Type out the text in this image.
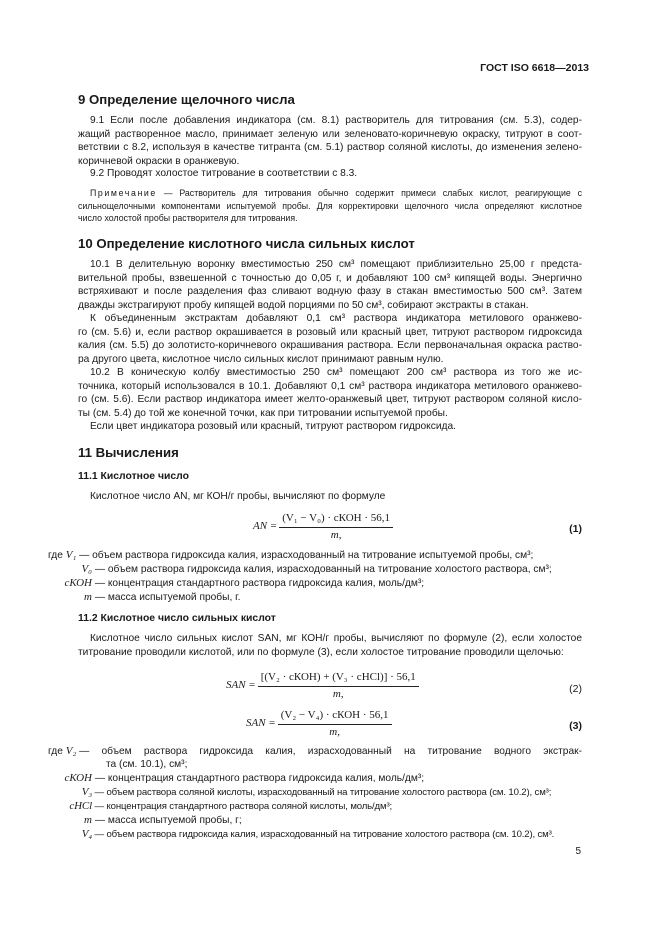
ГОСТ ISO 6618—2013
9 Определение щелочного числа
9.1 Если после добавления индикатора (см. 8.1) растворитель для титрования (см. 5.3), содер-
жащий растворенное масло, принимает зеленую или зеленовато-коричневую окраску, титруют в соот-
ветствии с 8.2, используя в качестве титранта (см. 5.1) раствор соляной кислоты, до изменения зелено-
коричневой окраски в оранжевую.
9.2 Проводят холостое титрование в соответствии с 8.3.
Примечание — Растворитель для титрования обычно содержит примеси слабых кислот, реагирующие с
сильнощелочными компонентами испытуемой пробы. Для корректировки щелочного числа определяют кислотное
число холостой пробы растворителя для титрования.
10 Определение кислотного числа сильных кислот
10.1 В делительную воронку вместимостью 250 см³ помещают приблизительно 25,00 г предста-
вительной пробы, взвешенной с точностью до 0,05 г, и добавляют 100 см³ кипящей воды. Энергично
встряхивают и после разделения фаз сливают водную фазу в стакан вместимостью 500 см³. Затем
дважды экстрагируют пробу кипящей водой порциями по 50 см³, собирают экстракты в стакан.
К объединенным экстрактам добавляют 0,1 см³ раствора индикатора метилового оранжево-
го (см. 5.6) и, если раствор окрашивается в розовый или красный цвет, титруют раствором гидроксида
калия (см. 5.5) до золотисто-коричневого окрашивания раствора. Если первоначальная окраска раство-
ра другого цвета, кислотное число сильных кислот принимают равным нулю.
10.2 В коническую колбу вместимостью 250 см³ помещают 200 см³ раствора из того же ис-
точника, который использовался в 10.1. Добавляют 0,1 см³ раствора индикатора метилового оранжево-
го (см. 5.6). Если раствор индикатора имеет желто-оранжевый цвет, титруют раствором соляной кисло-
ты (см. 5.4) до той же конечной точки, как при титровании испытуемой пробы.
Если цвет индикатора розовый или красный, титруют раствором гидроксида.
11 Вычисления
11.1 Кислотное число
Кислотное число AN, мг КОН/г пробы, вычисляют по формуле
AN = $\frac{\text{(V₁ − V₀) · cКОН · 56,1}}{m,}$	(1)
где V₁ — объем раствора гидроксида калия, израсходованный на титрование испытуемой пробы, см³;
V₀ — объем раствора гидроксида калия, израсходованный на титрование холостого раствора, см³;
cКОН — концентрация стандартного раствора гидроксида калия, моль/дм³;
m — масса испытуемой пробы, г.
11.2 Кислотное число сильных кислот
Кислотное число сильных кислот SAN, мг КОН/г пробы, вычисляют по формуле (2), если холостое
титрование проводили кислотой, или по формуле (3), если холостое титрование проводили щелочью:
SAN = $\frac{\text{[(V₂ · cКОН) + (V₃ · cHCl)] · 56,1}}{m,}$	(2)
SAN = $\frac{\text{(V₂ − V₄) · cКОН · 56,1}}{m,}$	(3)
где
V₂
— объем раствора гидроксида калия, израсходованный на титрование водного экстрак-
та (см. 10.1), см³;
cКОН — концентрация стандартного раствора гидроксида калия, моль/дм³;
V₃ — объем раствора соляной кислоты, израсходованный на титрование холостого раствора (см. 10.2), см³;
cHCl — концентрация стандартного раствора соляной кислоты, моль/дм³;
m — масса испытуемой пробы, г;
V₄ — объем раствора гидроксида калия, израсходованный на титрование холостого раствора (см. 10.2), см³.
5
